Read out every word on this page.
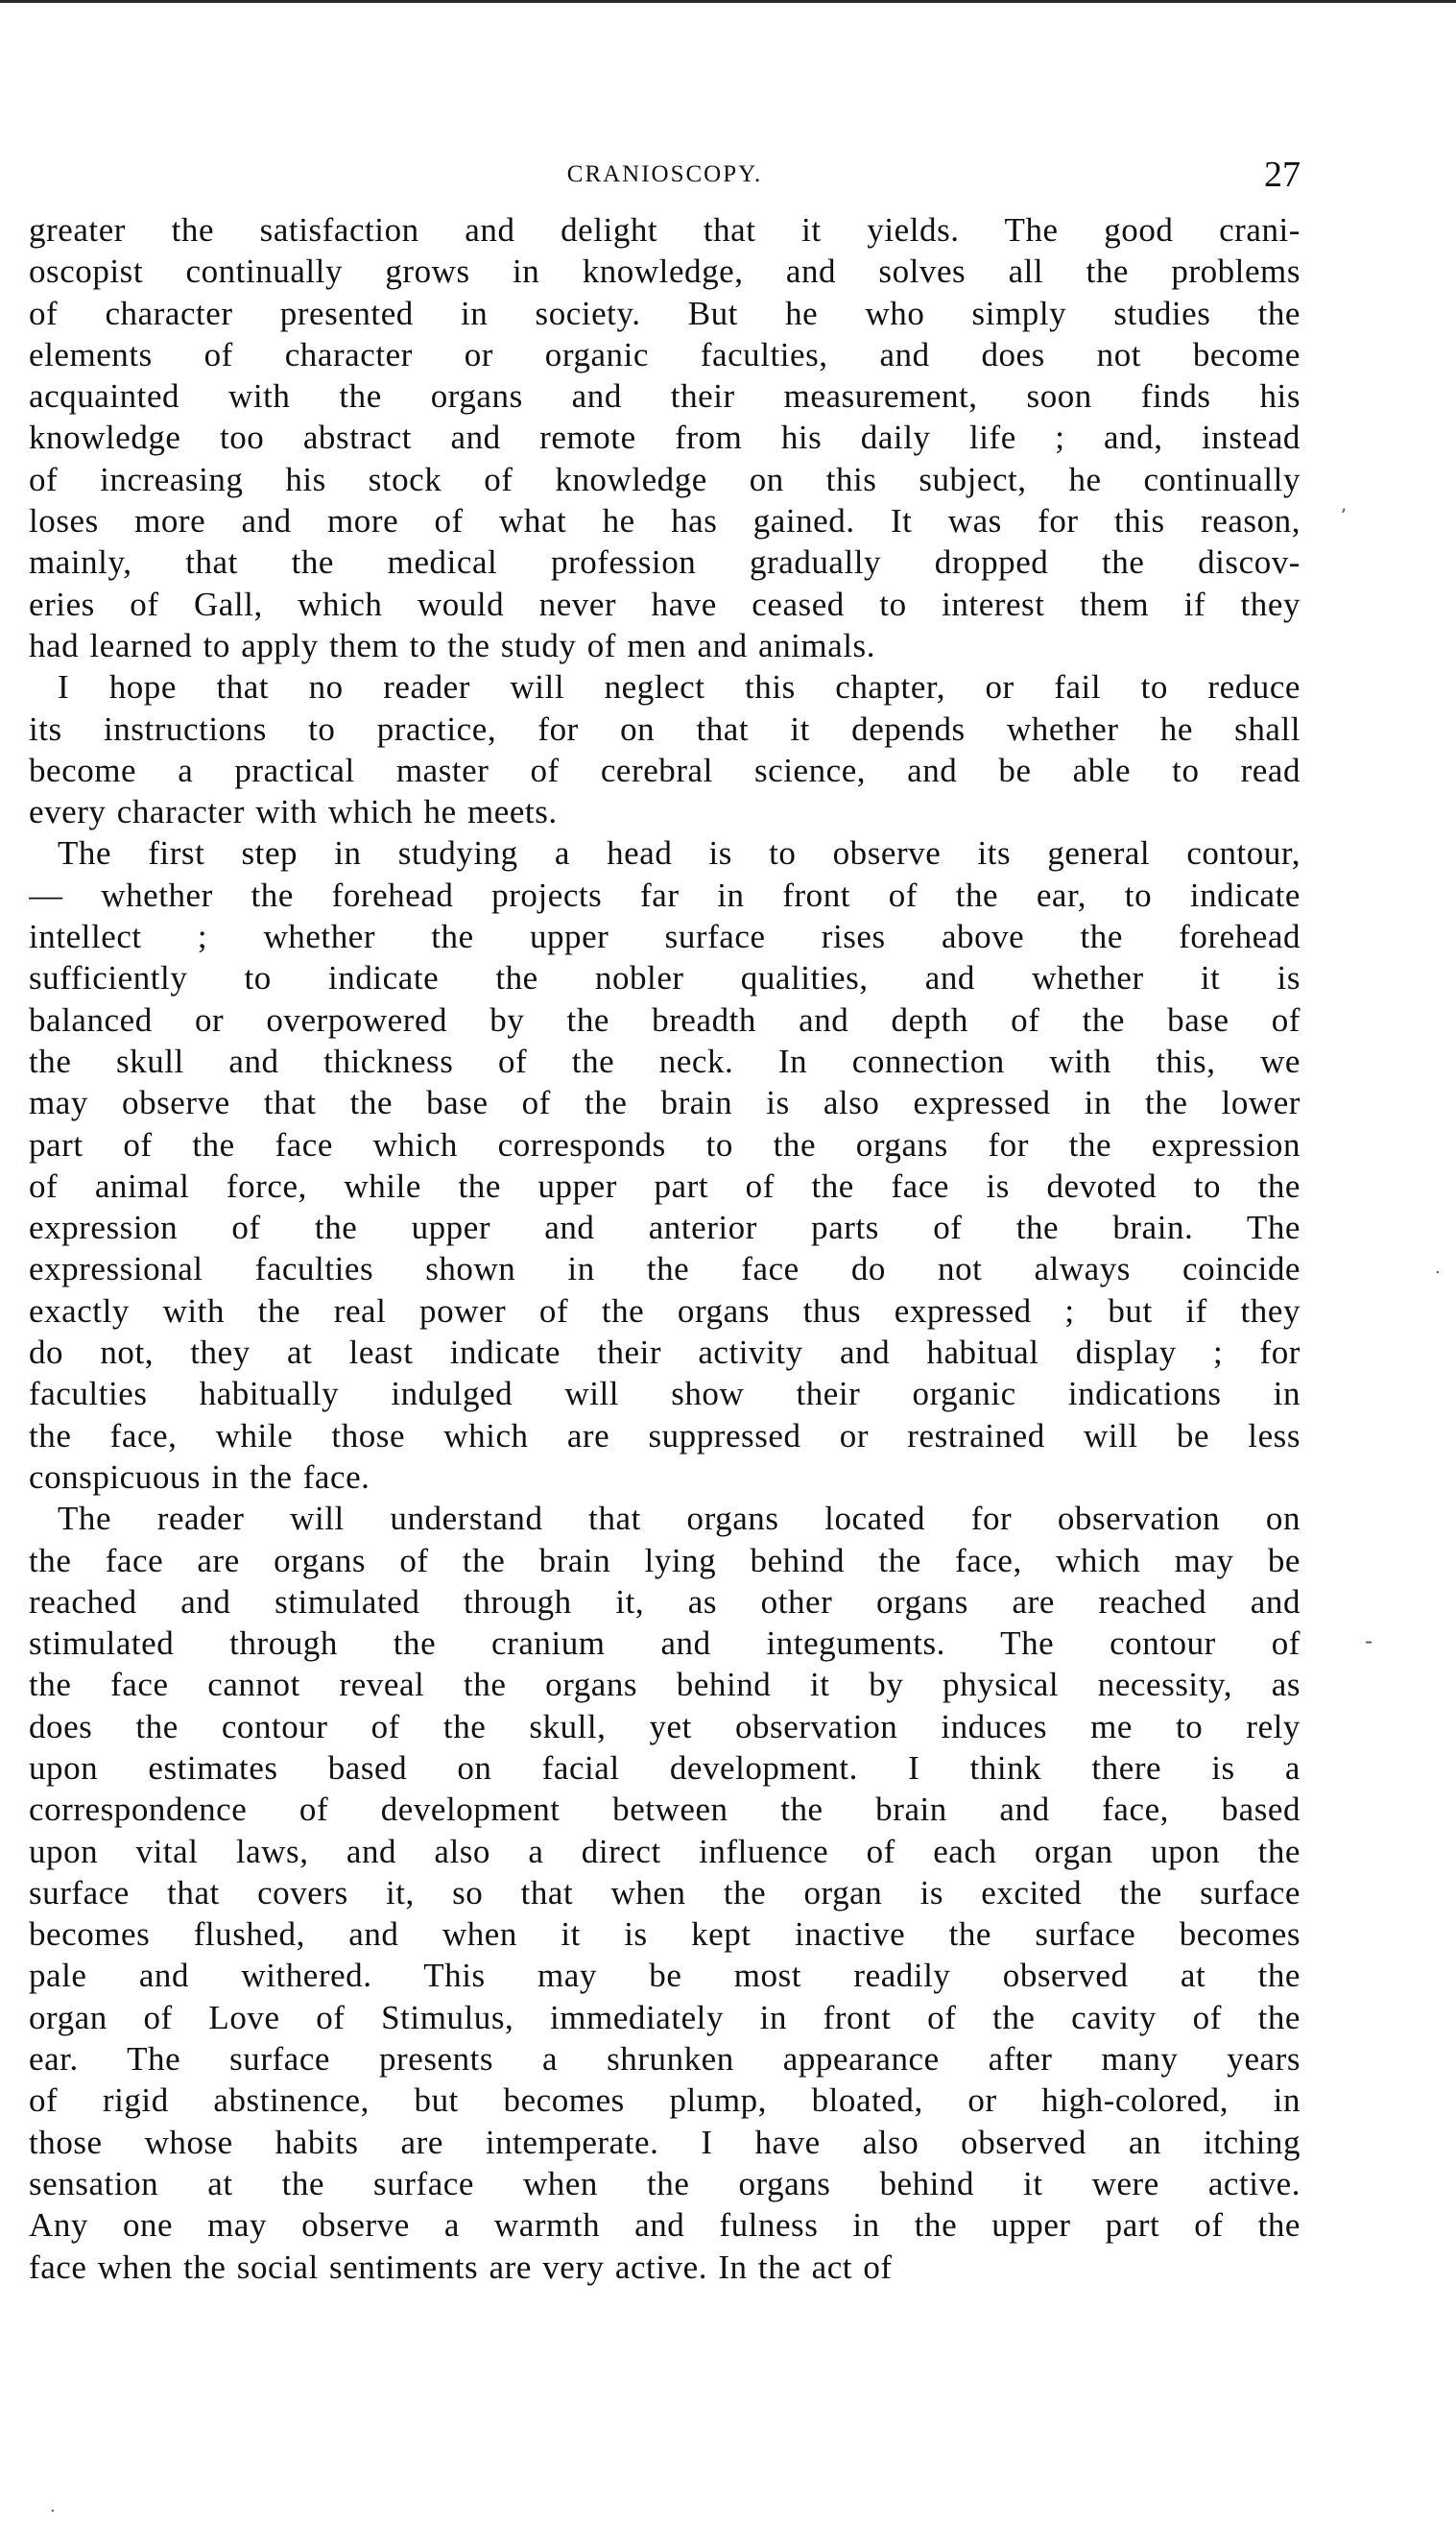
CRANIOSCOPY.	27

greater the satisfaction and delight that it yields. The good crani-
oscopist continually grows in knowledge, and solves all the problems
of character presented in society. But he who simply studies the
elements of character or organic faculties, and does not become
acquainted with the organs and their measurement, soon finds his
knowledge too abstract and remote from his daily life ; and, instead
of increasing his stock of knowledge on this subject, he continually
loses more and more of what he has gained. It was for this reason,
mainly, that the medical profession gradually dropped the discov-
eries of Gall, which would never have ceased to interest them if they
had learned to apply them to the study of men and animals.

I hope that no reader will neglect this chapter, or fail to reduce
its instructions to practice, for on that it depends whether he shall
become a practical master of cerebral science, and be able to read
every character with which he meets.

The first step in studying a head is to observe its general contour,
— whether the forehead projects far in front of the ear, to indicate
intellect ; whether the upper surface rises above the forehead
sufficiently to indicate the nobler qualities, and whether it is
balanced or overpowered by the breadth and depth of the base of
the skull and thickness of the neck. In connection with this, we
may observe that the base of the brain is also expressed in the lower
part of the face which corresponds to the organs for the expression
of animal force, while the upper part of the face is devoted to the
expression of the upper and anterior parts of the brain. The
expressional faculties shown in the face do not always coincide
exactly with the real power of the organs thus expressed ; but if they
do not, they at least indicate their activity and habitual display ; for
faculties habitually indulged will show their organic indications in
the face, while those which are suppressed or restrained will be less
conspicuous in the face.

The reader will understand that organs located for observation on
the face are organs of the brain lying behind the face, which may be
reached and stimulated through it, as other organs are reached and
stimulated through the cranium and integuments. The contour of
the face cannot reveal the organs behind it by physical necessity, as
does the contour of the skull, yet observation induces me to rely
upon estimates based on facial development. I think there is a
correspondence of development between the brain and face, based
upon vital laws, and also a direct influence of each organ upon the
surface that covers it, so that when the organ is excited the surface
becomes flushed, and when it is kept inactive the surface becomes
pale and withered. This may be most readily observed at the
organ of Love of Stimulus, immediately in front of the cavity of the
ear. The surface presents a shrunken appearance after many years
of rigid abstinence, but becomes plump, bloated, or high-colored, in
those whose habits are intemperate. I have also observed an itching
sensation at the surface when the organs behind it were active.
Any one may observe a warmth and fulness in the upper part of the
face when the social sentiments are very active. In the act of

ʼ
-
.
.
